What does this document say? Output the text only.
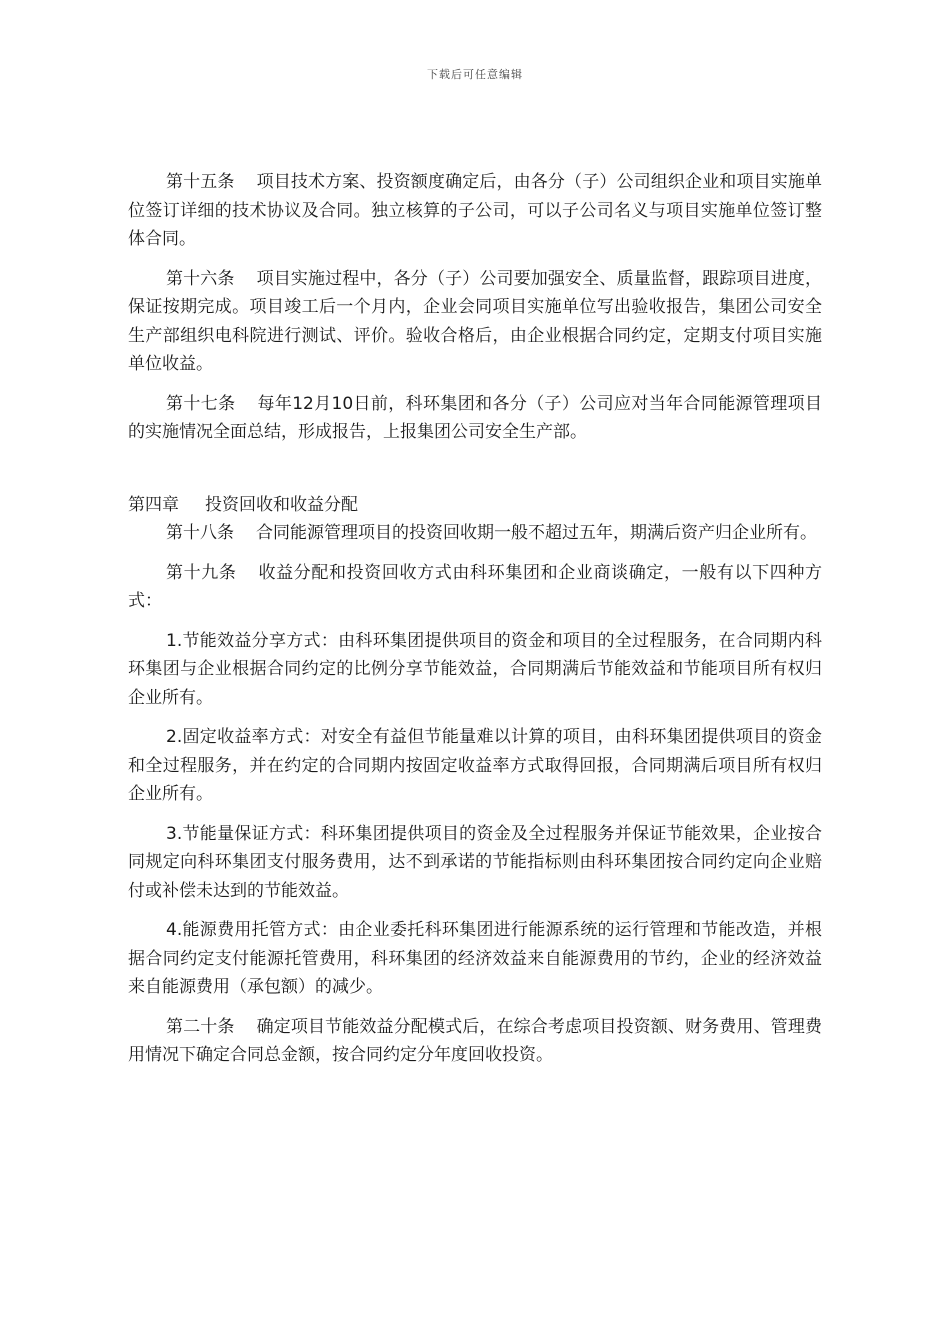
下载后可任意编辑

第十五条 项目技术方案、投资额度确定后，由各分（子）公司组织企业和项目实施单位签订详细的技术协议及合同。独立核算的子公司，可以子公司名义与项目实施单位签订整体合同。

第十六条 项目实施过程中，各分（子）公司要加强安全、质量监督，跟踪项目进度，保证按期完成。项目竣工后一个月内，企业会同项目实施单位写出验收报告，集团公司安全生产部组织电科院进行测试、评价。验收合格后，由企业根据合同约定，定期支付项目实施单位收益。

第十七条 每年12月10日前，科环集团和各分（子）公司应对当年合同能源管理项目的实施情况全面总结，形成报告，上报集团公司安全生产部。

第四章 投资回收和收益分配

第十八条 合同能源管理项目的投资回收期一般不超过五年，期满后资产归企业所有。

第十九条 收益分配和投资回收方式由科环集团和企业商谈确定，一般有以下四种方式：

1.节能效益分享方式：由科环集团提供项目的资金和项目的全过程服务，在合同期内科环集团与企业根据合同约定的比例分享节能效益，合同期满后节能效益和节能项目所有权归企业所有。

2.固定收益率方式：对安全有益但节能量难以计算的项目，由科环集团提供项目的资金和全过程服务，并在约定的合同期内按固定收益率方式取得回报，合同期满后项目所有权归企业所有。

3.节能量保证方式：科环集团提供项目的资金及全过程服务并保证节能效果，企业按合同规定向科环集团支付服务费用，达不到承诺的节能指标则由科环集团按合同约定向企业赔付或补偿未达到的节能效益。

4.能源费用托管方式：由企业委托科环集团进行能源系统的运行管理和节能改造，并根据合同约定支付能源托管费用，科环集团的经济效益来自能源费用的节约，企业的经济效益来自能源费用（承包额）的减少。

第二十条 确定项目节能效益分配模式后，在综合考虑项目投资额、财务费用、管理费用情况下确定合同总金额，按合同约定分年度回收投资。
